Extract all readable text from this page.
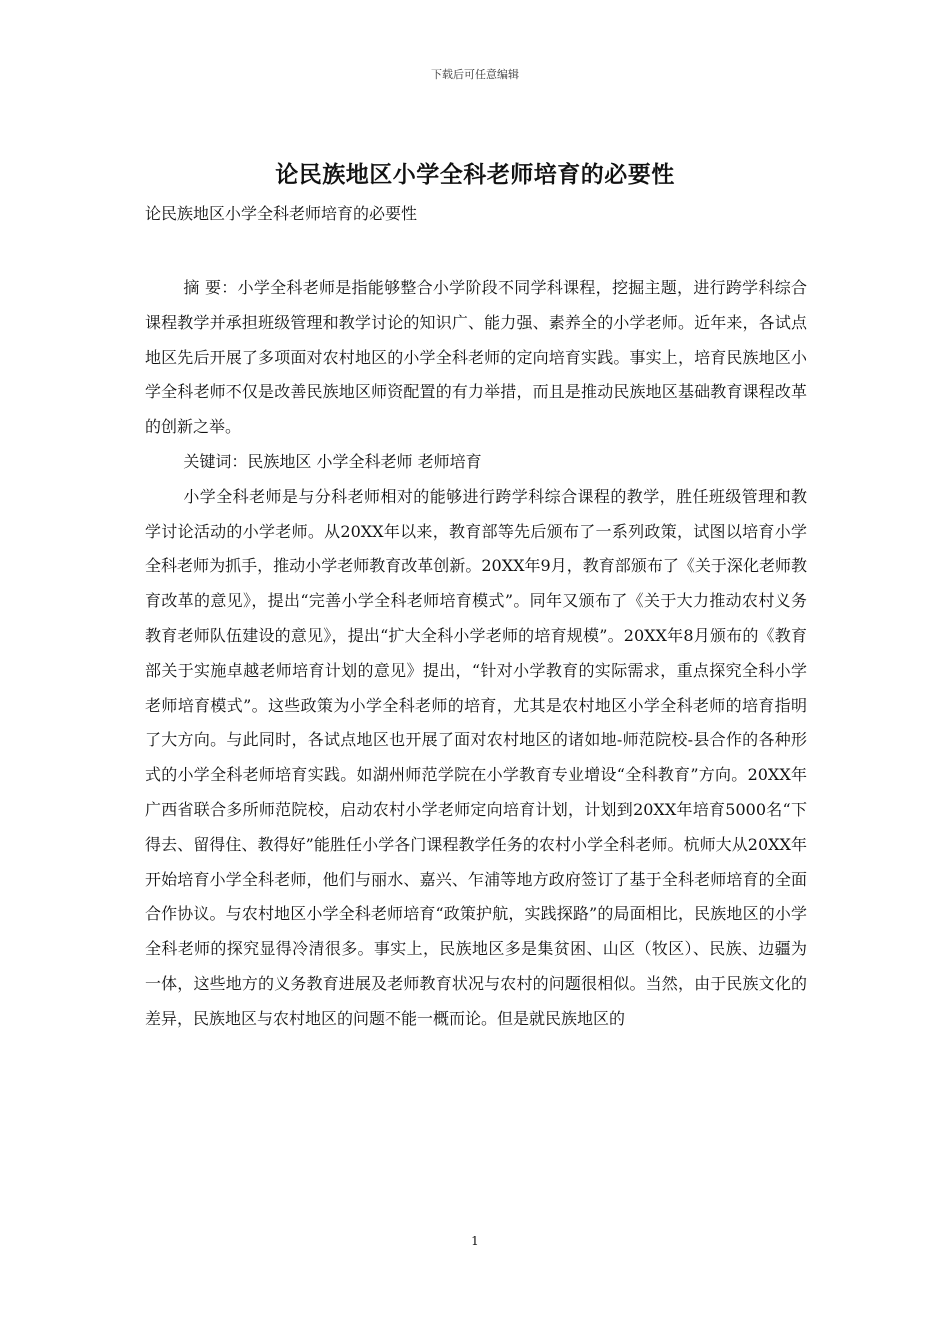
下载后可任意编辑
论民族地区小学全科老师培育的必要性
论民族地区小学全科老师培育的必要性

摘 要：小学全科老师是指能够整合小学阶段不同学科课程，挖掘主题，进行跨学科综合课程教学并承担班级管理和教学讨论的知识广、能力强、素养全的小学老师。近年来，各试点地区先后开展了多项面对农村地区的小学全科老师的定向培育实践。事实上，培育民族地区小学全科老师不仅是改善民族地区师资配置的有力举措，而且是推动民族地区基础教育课程改革的创新之举。

关键词：民族地区 小学全科老师 老师培育

小学全科老师是与分科老师相对的能够进行跨学科综合课程的教学，胜任班级管理和教学讨论活动的小学老师。从20XX年以来，教育部等先后颁布了一系列政策，试图以培育小学全科老师为抓手，推动小学老师教育改革创新。20XX年9月，教育部颁布了《关于深化老师教育改革的意见》，提出“完善小学全科老师培育模式”。同年又颁布了《关于大力推动农村义务教育老师队伍建设的意见》，提出“扩大全科小学老师的培育规模”。20XX年8月颁布的《教育部关于实施卓越老师培育计划的意见》提出，“针对小学教育的实际需求，重点探究全科小学老师培育模式”。这些政策为小学全科老师的培育，尤其是农村地区小学全科老师的培育指明了大方向。与此同时，各试点地区也开展了面对农村地区的诸如地-师范院校-县合作的各种形式的小学全科老师培育实践。如湖州师范学院在小学教育专业增设“全科教育”方向。20XX年广西省联合多所师范院校，启动农村小学老师定向培育计划，计划到20XX年培育5000名“下得去、留得住、教得好”能胜任小学各门课程教学任务的农村小学全科老师。杭师大从20XX年开始培育小学全科老师，他们与丽水、嘉兴、乍浦等地方政府签订了基于全科老师培育的全面合作协议。与农村地区小学全科老师培育“政策护航，实践探路”的局面相比，民族地区的小学全科老师的探究显得冷清很多。事实上，民族地区多是集贫困、山区（牧区）、民族、边疆为一体，这些地方的义务教育进展及老师教育状况与农村的问题很相似。当然，由于民族文化的差异，民族地区与农村地区的问题不能一概而论。但是就民族地区的

1
